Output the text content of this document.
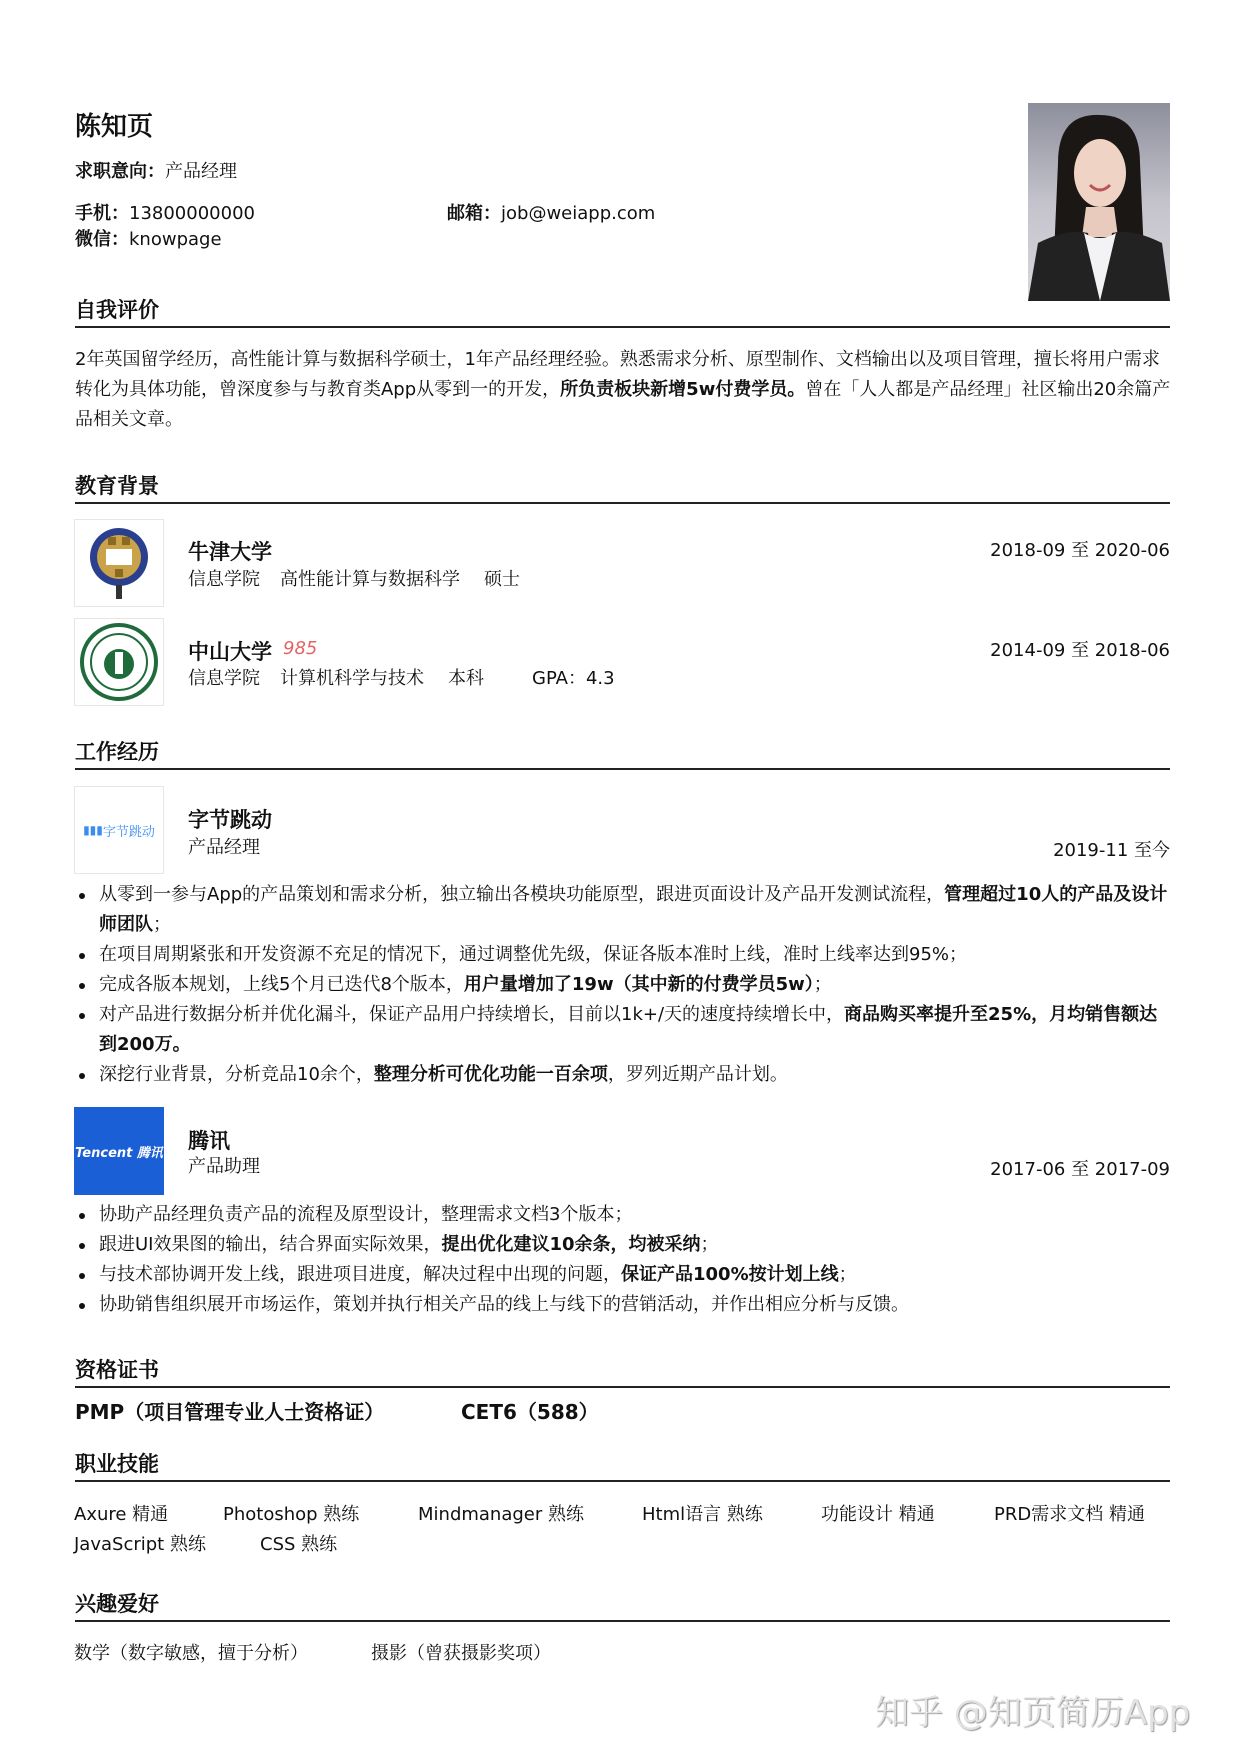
陈知页
求职意向：产品经理
手机：13800000000	邮箱：job@weiapp.com
微信：knowpage
自我评价
2年英国留学经历，高性能计算与数据科学硕士，1年产品经理经验。熟悉需求分析、原型制作、文档输出以及项目管理，擅长将用户需求转化为具体功能，曾深度参与与教育类App从零到一的开发，所负责板块新增5w付费学员。曾在「人人都是产品经理」社区输出20余篇产品相关文章。
教育背景
牛津大学
信息学院 高性能计算与数据科学 硕士
2018-09 至 2020-06
中山大学 985
信息学院 计算机科学与技术 本科	GPA：4.3
2014-09 至 2018-06
工作经历
▮▮▮ 字节跳动 字节跳动
产品经理	2019-11 至今
从零到一参与App的产品策划和需求分析，独立输出各模块功能原型，跟进页面设计及产品开发测试流程，管理超过10人的产品及设计师团队；
在项目周期紧张和开发资源不充足的情况下，通过调整优先级，保证各版本准时上线，准时上线率达到95%；
完成各版本规划，上线5个月已迭代8个版本，用户量增加了19w（其中新的付费学员5w）；
对产品进行数据分析并优化漏斗，保证产品用户持续增长，目前以1k+/天的速度持续增长中，商品购买率提升至25%，月均销售额达到200万。
深挖行业背景，分析竞品10余个，整理分析可优化功能一百余项，罗列近期产品计划。
Tencent 腾讯 腾讯
产品助理	2017-06 至 2017-09
协助产品经理负责产品的流程及原型设计，整理需求文档3个版本；
跟进UI效果图的输出，结合界面实际效果，提出优化建议10余条，均被采纳；
与技术部协调开发上线，跟进项目进度，解决过程中出现的问题，保证产品100%按计划上线；
协助销售组织展开市场运作，策划并执行相关产品的线上与线下的营销活动，并作出相应分析与反馈。
资格证书
PMP（项目管理专业人士资格证）	CET6（588）
职业技能
Axure 精通	Photoshop 熟练	Mindmanager 熟练	Html语言 熟练	功能设计 精通	PRD需求文档 精通
JavaScript 熟练	CSS 熟练
兴趣爱好
数学（数字敏感，擅于分析）	摄影（曾获摄影奖项）
知乎 @知页简历App
